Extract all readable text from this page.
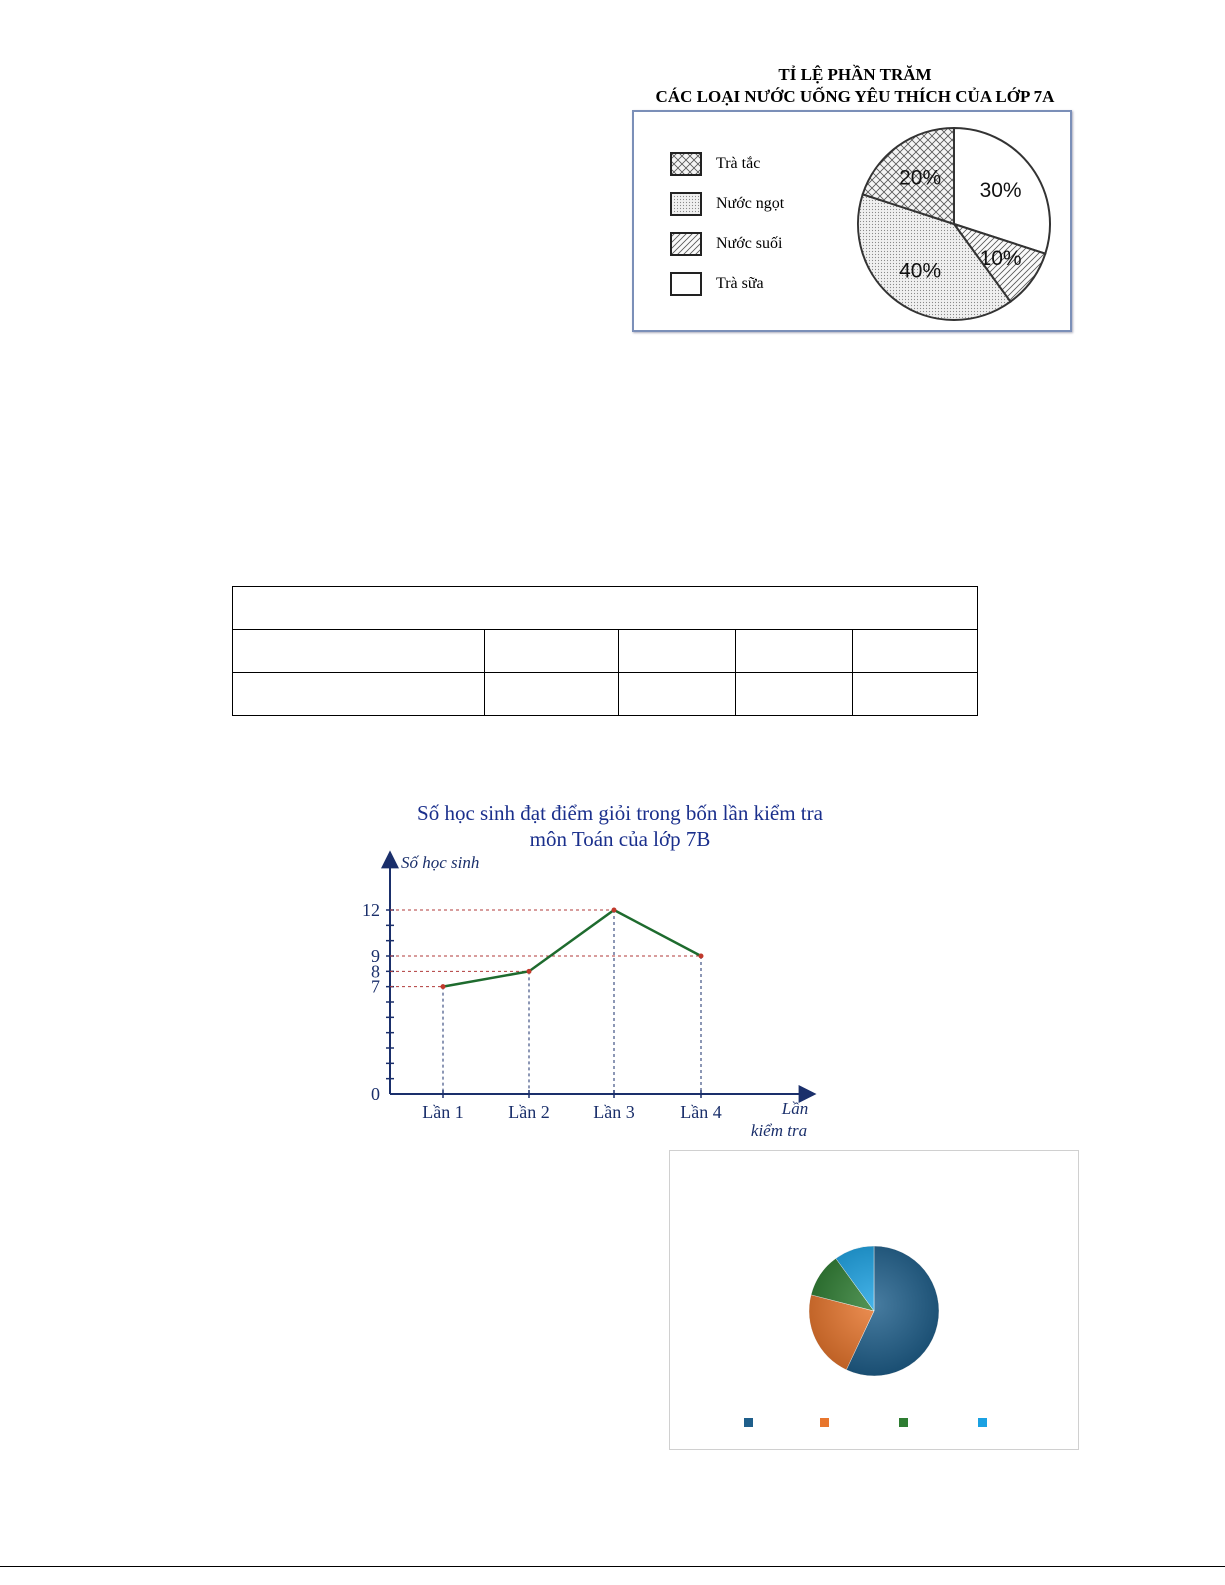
TỈ LỆ PHẦN TRĂM
CÁC LOẠI NƯỚC UỐNG YÊU THÍCH CỦA LỚP 7A
Trà tắc
Nước ngọt
Nước suối
Trà sữa
30%
10%
40%
20%

Số học sinh đạt điểm giỏi trong bốn lần kiểm tra
môn Toán của lớp 7B
Số học sinh
Lần
kiểm tra
0
7
8
9
12
Lần 1 Lần 2 Lần 3	Lần 4
